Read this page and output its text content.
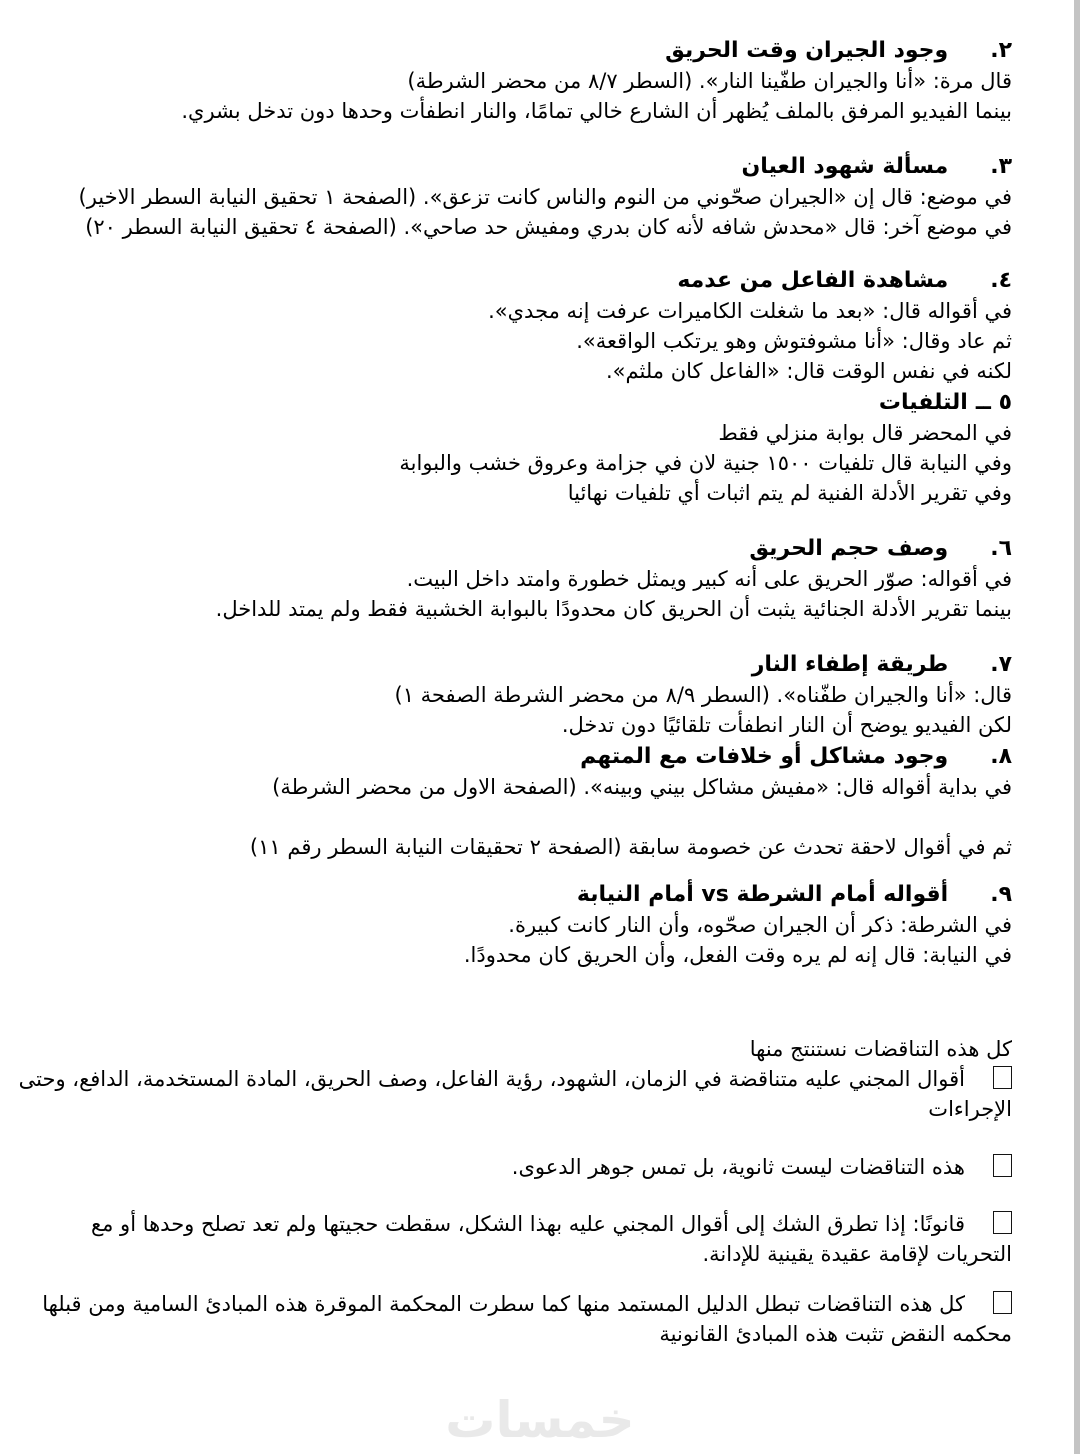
٢.وجود الجيران وقت الحريق

قال مرة: «أنا والجيران طفّينا النار». (السطر ٨/٧ من محضر الشرطة)

بينما الفيديو المرفق بالملف يُظهر أن الشارع خالي تمامًا، والنار انطفأت وحدها دون تدخل بشري.

٣.مسألة شهود العيان

في موضع: قال إن «الجيران صحّوني من النوم والناس كانت تزعق». (الصفحة ١ تحقيق النيابة السطر الاخير)

في موضع آخر: قال «محدش شافه لأنه كان بدري ومفيش حد صاحي». (الصفحة ٤ تحقيق النيابة السطر ٢٠)

٤.مشاهدة الفاعل من عدمه

في أقواله قال: «بعد ما شغلت الكاميرات عرفت إنه مجدي».

ثم عاد وقال: «أنا مشوفتوش وهو يرتكب الواقعة».

لكنه في نفس الوقت قال: «الفاعل كان ملثم».

٥ ــالتلفيات

في المحضر قال بوابة منزلي فقط

وفي النيابة قال تلفيات ١٥٠٠ جنية لان في جزامة وعروق خشب والبوابة

وفي تقرير الأدلة الفنية لم يتم اثبات أي تلفيات نهائيا

٦.وصف حجم الحريق

في أقواله: صوّر الحريق على أنه كبير ويمثل خطورة وامتد داخل البيت.

بينما تقرير الأدلة الجنائية يثبت أن الحريق كان محدودًا بالبوابة الخشبية فقط ولم يمتد للداخل.

٧.طريقة إطفاء النار

قال: «أنا والجيران طفّناه». (السطر ٨/٩ من محضر الشرطة الصفحة ١)

لكن الفيديو يوضح أن النار انطفأت تلقائيًا دون تدخل.

٨.وجود مشاكل أو خلافات مع المتهم

في بداية أقواله قال: «مفيش مشاكل بيني وبينه». (الصفحة الاول من محضر الشرطة)

ثم في أقوال لاحقة تحدث عن خصومة سابقة (الصفحة ٢ تحقيقات النيابة السطر رقم ١١)

٩.أقواله أمام الشرطة vs أمام النيابة

في الشرطة: ذكر أن الجيران صحّوه، وأن النار كانت كبيرة.

في النيابة: قال إنه لم يره وقت الفعل، وأن الحريق كان محدودًا.

كل هذه التناقضات نستنتج منها

أقوال المجني عليه متناقضة في الزمان، الشهود، رؤية الفاعل، وصف الحريق، المادة المستخدمة، الدافع، وحتى الإجراءات

هذه التناقضات ليست ثانوية، بل تمس جوهر الدعوى.

قانونًا: إذا تطرق الشك إلى أقوال المجني عليه بهذا الشكل، سقطت حجيتها ولم تعد تصلح وحدها أو مع التحريات لإقامة عقيدة يقينية للإدانة.

كل هذه التناقضات تبطل الدليل المستمد منها كما سطرت المحكمة الموقرة هذه المبادئ السامية ومن قبلها محكمه النقض تثبت هذه المبادئ القانونية

خمسات
